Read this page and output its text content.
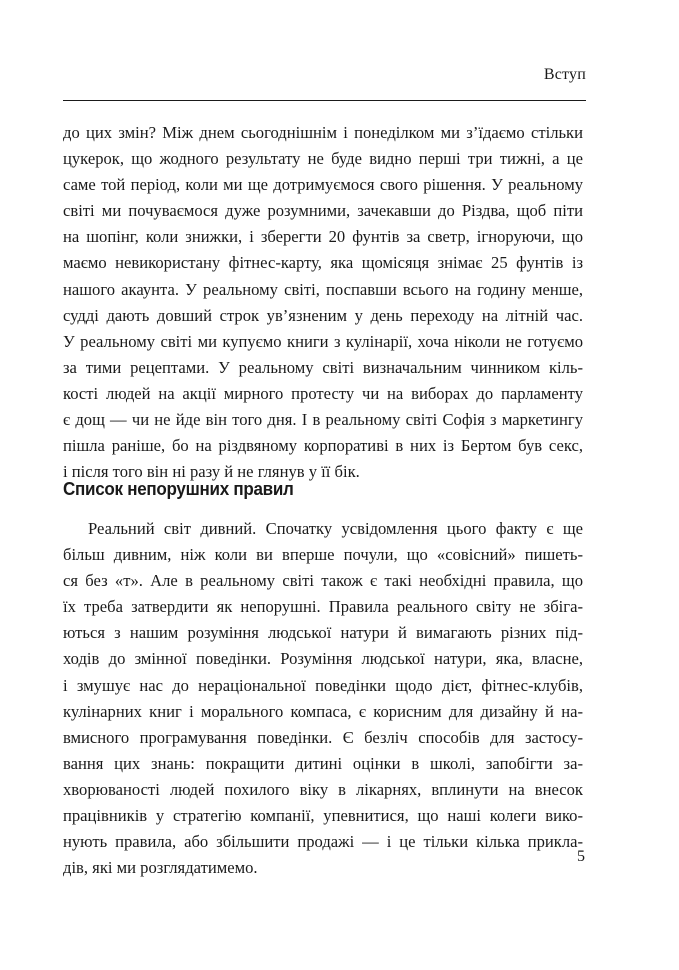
Вступ
до цих змін? Між днем сьогоднішнім і понеділком ми з’їдаємо стільки
цукерок, що жодного результату не буде видно перші три тижні, а це
саме той період, коли ми ще дотримуємося свого рішення. У реальному
світі ми почуваємося дуже розумними, зачекавши до Різдва, щоб піти
на шопінг, коли знижки, і зберегти 20 фунтів за светр, ігноруючи, що
маємо невикористану фітнес-карту, яка щомісяця знімає 25 фунтів із
нашого акаунта. У реальному світі, поспавши всього на годину менше,
судді дають довший строк ув’язненим у день переходу на літній час.
У реальному світі ми купуємо книги з кулінарії, хоча ніколи не готуємо
за тими рецептами. У реальному світі визначальним чинником кіль-
кості людей на акції мирного протесту чи на виборах до парламенту
є дощ — чи не йде він того дня. І в реальному світі Софія з маркетингу
пішла раніше, бо на різдвяному корпоративі в них із Бертом був секс,
і після того він ні разу й не глянув у її бік.
Список непорушних правил
Реальний світ дивний. Спочатку усвідомлення цього факту є ще
більш дивним, ніж коли ви вперше почули, що «совісний» пишеть-
ся без «т». Але в реальному світі також є такі необхідні правила, що
їх треба затвердити як непорушні. Правила реального світу не збіга-
ються з нашим розуміння людської натури й вимагають різних під-
ходів до змінної поведінки. Розуміння людської натури, яка, власне,
і змушує нас до нераціональної поведінки щодо дієт, фітнес-клубів,
кулінарних книг і морального компаса, є корисним для дизайну й на-
вмисного програмування поведінки. Є безліч способів для застосу-
вання цих знань: покращити дитині оцінки в школі, запобігти за-
хворюваності людей похилого віку в лікарнях, вплинути на внесок
працівників у стратегію компанії, упевнитися, що наші колеги вико-
нують правила, або збільшити продажі — і це тільки кілька прикла-
дів, які ми розглядатимемо.
5
